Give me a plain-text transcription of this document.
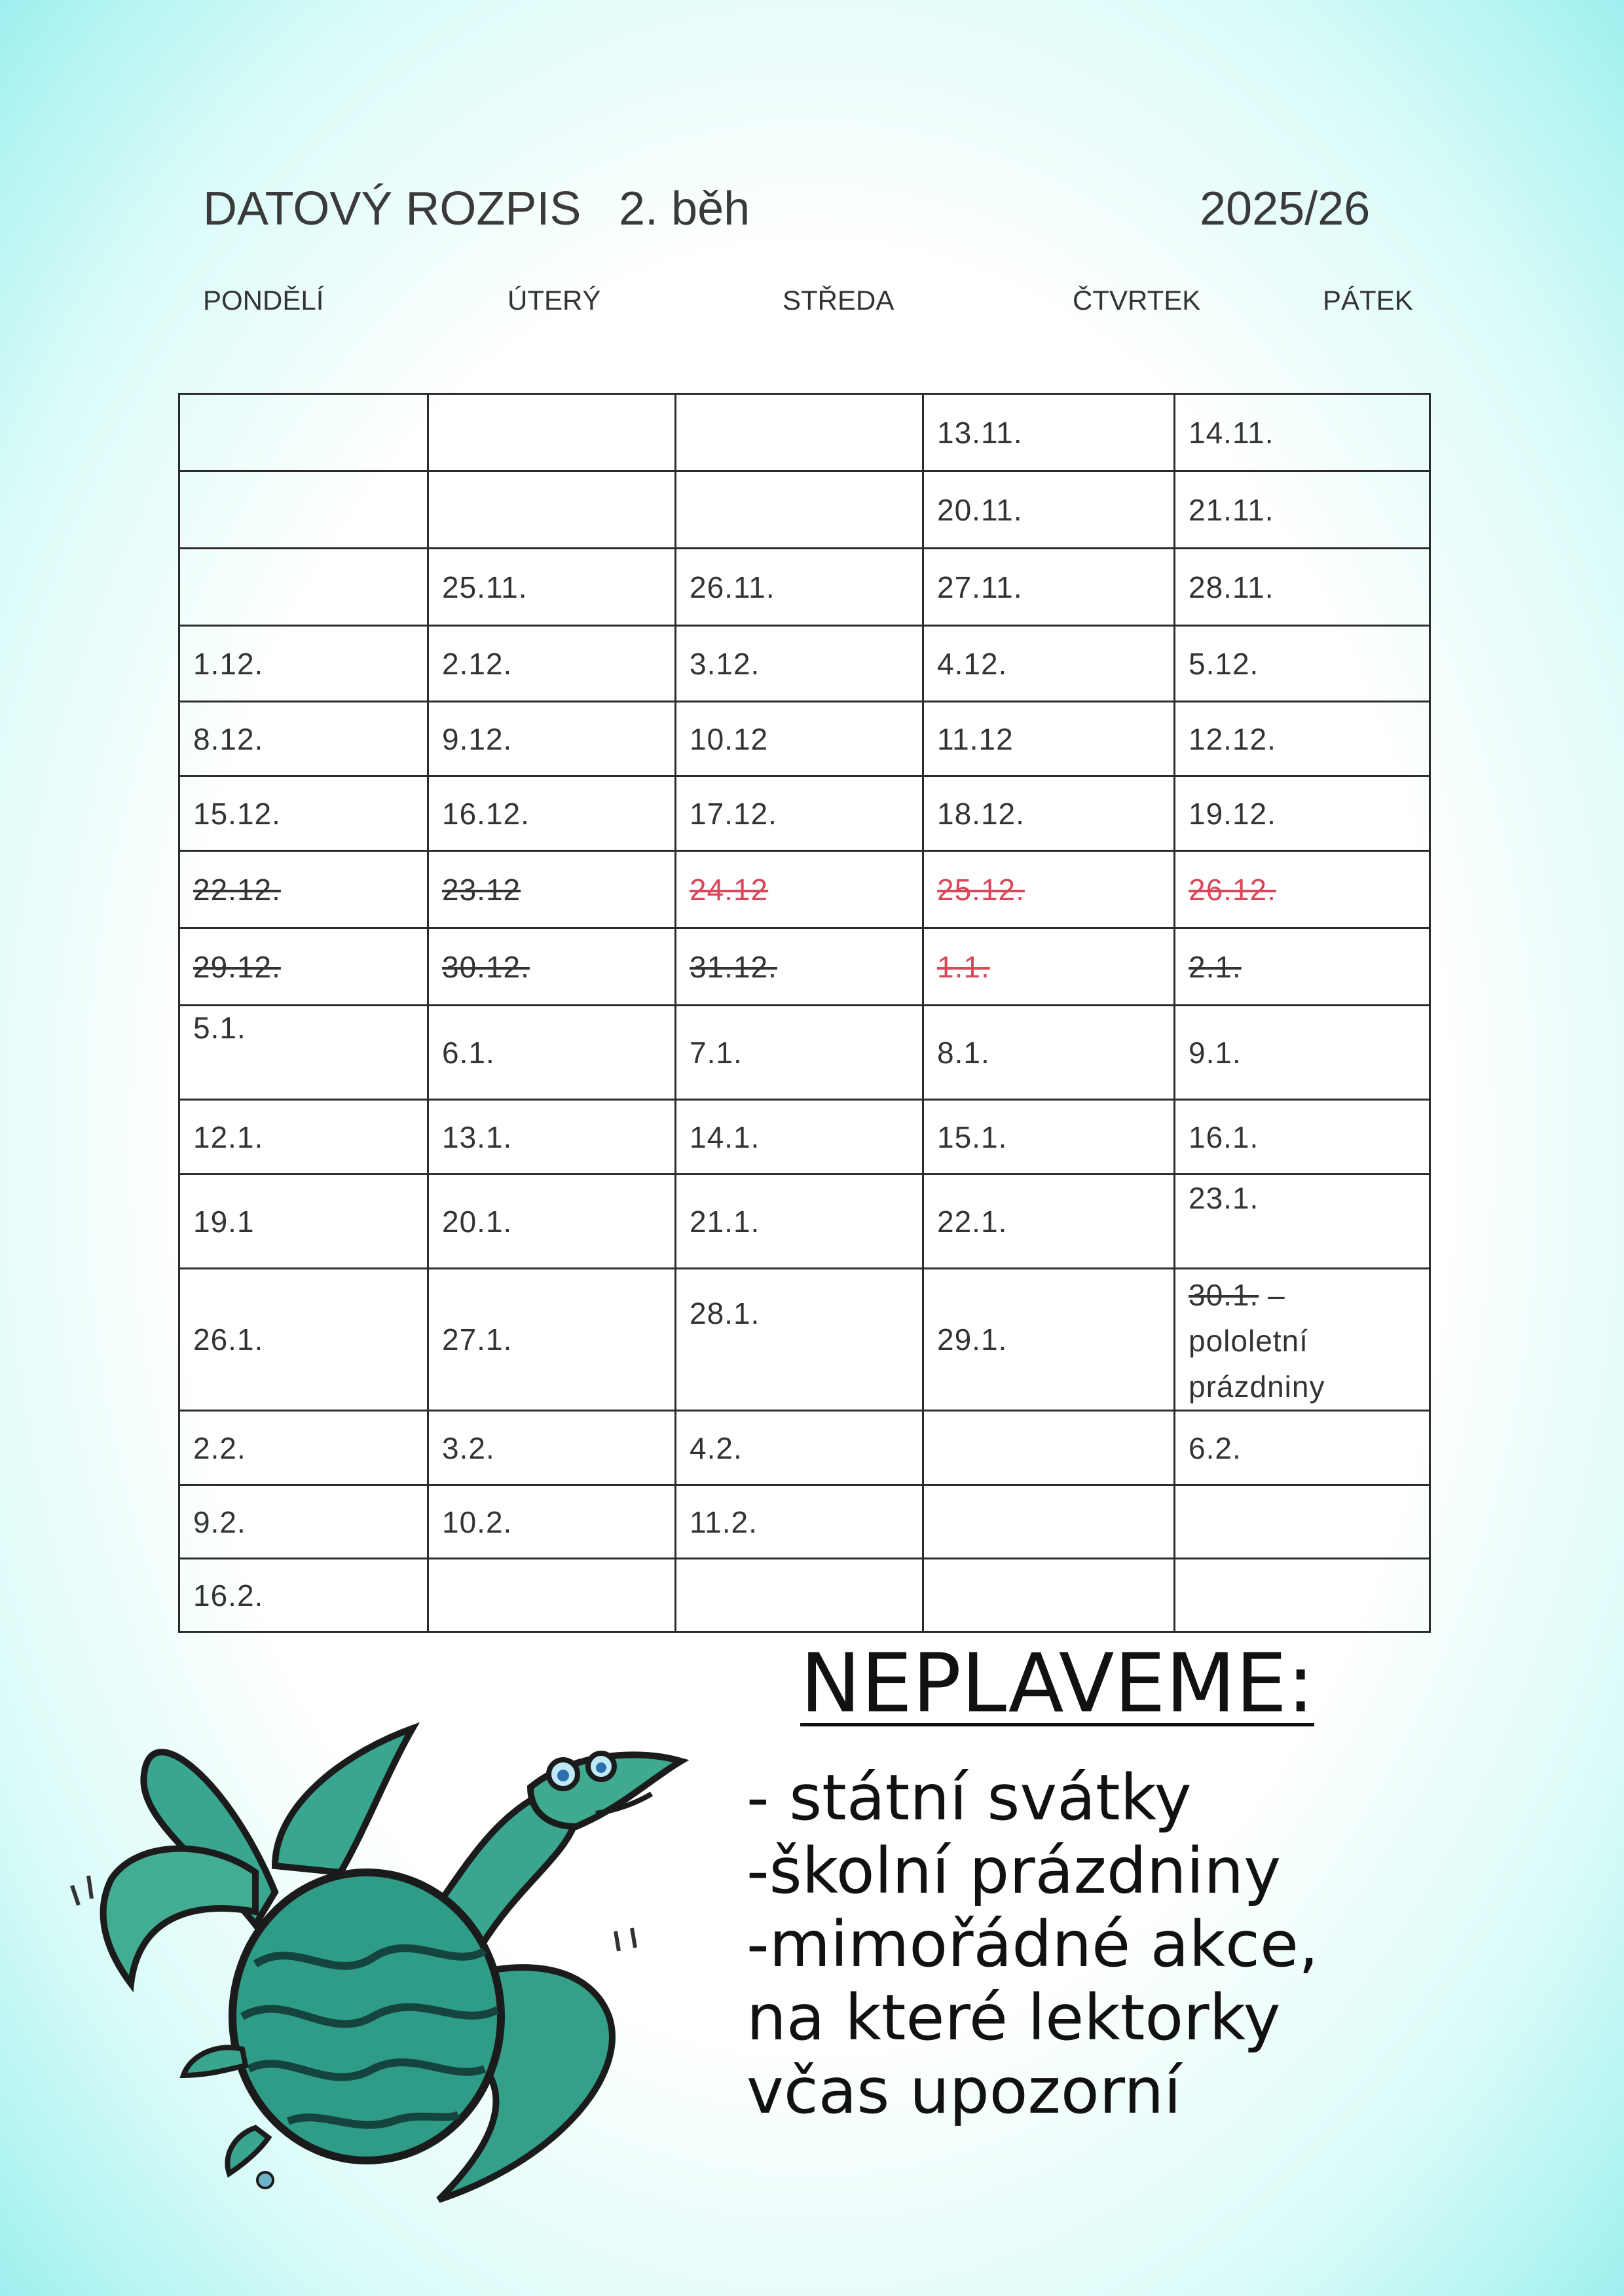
DATOVÝ ROZPIS 2. běh	2025/26
PONDĚLÍ	ÚTERÝ	STŘEDA	ČTVRTEK	PÁTEK
			13.11.	14.11.
			20.11.	21.11.
	25.11.	26.11.	27.11.	28.11.
1.12.	2.12.	3.12.	4.12.	5.12.
8.12.	9.12.	10.12	11.12	12.12.
15.12.	16.12.	17.12.	18.12.	19.12.
22.12.	23.12	24.12	25.12.	26.12.
29.12.	30.12.	31.12.	1.1.	2.1.
5.1.	6.1.	7.1.	8.1.	9.1.
12.1.	13.1.	14.1.	15.1.	16.1.
19.1	20.1.	21.1.	22.1.	23.1.
26.1.	27.1.	28.1.	29.1.	30.1. –
pololetní
prázdniny

2.2.	3.2.	4.2.		6.2.
9.2.	10.2.	11.2.		
16.2.				
NEPLAVEME:
- státní svátky
-školní prázdniny
-mimořádné akce,
na které lektorky
včas upozorní
